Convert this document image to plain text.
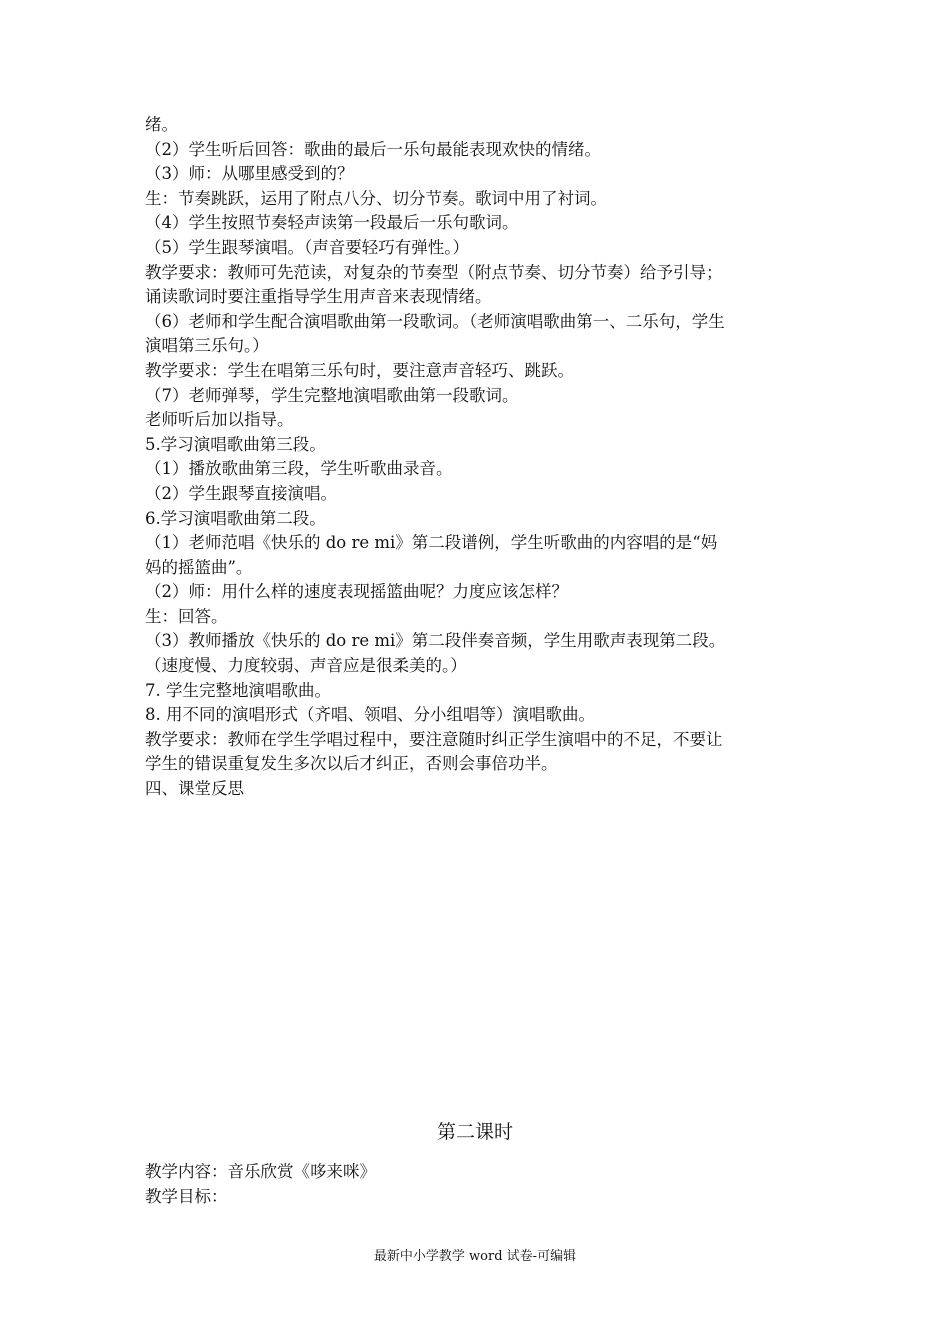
绪。
（2）学生听后回答：歌曲的最后一乐句最能表现欢快的情绪。
（3）师：从哪里感受到的？
生：节奏跳跃，运用了附点八分、切分节奏。歌词中用了衬词。
（4）学生按照节奏轻声读第一段最后一乐句歌词。
（5）学生跟琴演唱。（声音要轻巧有弹性。）
教学要求：教师可先范读，对复杂的节奏型（附点节奏、切分节奏）给予引导；
诵读歌词时要注重指导学生用声音来表现情绪。
（6）老师和学生配合演唱歌曲第一段歌词。（老师演唱歌曲第一、二乐句，学生
演唱第三乐句。）
教学要求：学生在唱第三乐句时，要注意声音轻巧、跳跃。
（7）老师弹琴，学生完整地演唱歌曲第一段歌词。
老师听后加以指导。
5.学习演唱歌曲第三段。
（1）播放歌曲第三段，学生听歌曲录音。
（2）学生跟琴直接演唱。
6.学习演唱歌曲第二段。
（1）老师范唱《快乐的 do re mi》第二段谱例，学生听歌曲的内容唱的是“妈
妈的摇篮曲”。
（2）师：用什么样的速度表现摇篮曲呢？力度应该怎样？
生：回答。
（3）教师播放《快乐的 do re mi》第二段伴奏音频，学生用歌声表现第二段。
（速度慢、力度较弱、声音应是很柔美的。）
7. 学生完整地演唱歌曲。
8. 用不同的演唱形式（齐唱、领唱、分小组唱等）演唱歌曲。
教学要求：教师在学生学唱过程中，要注意随时纠正学生演唱中的不足，不要让
学生的错误重复发生多次以后才纠正，否则会事倍功半。
四、课堂反思
第二课时
教学内容：音乐欣赏《哆来咪》
教学目标：
最新中小学教学 word 试卷-可编辑
